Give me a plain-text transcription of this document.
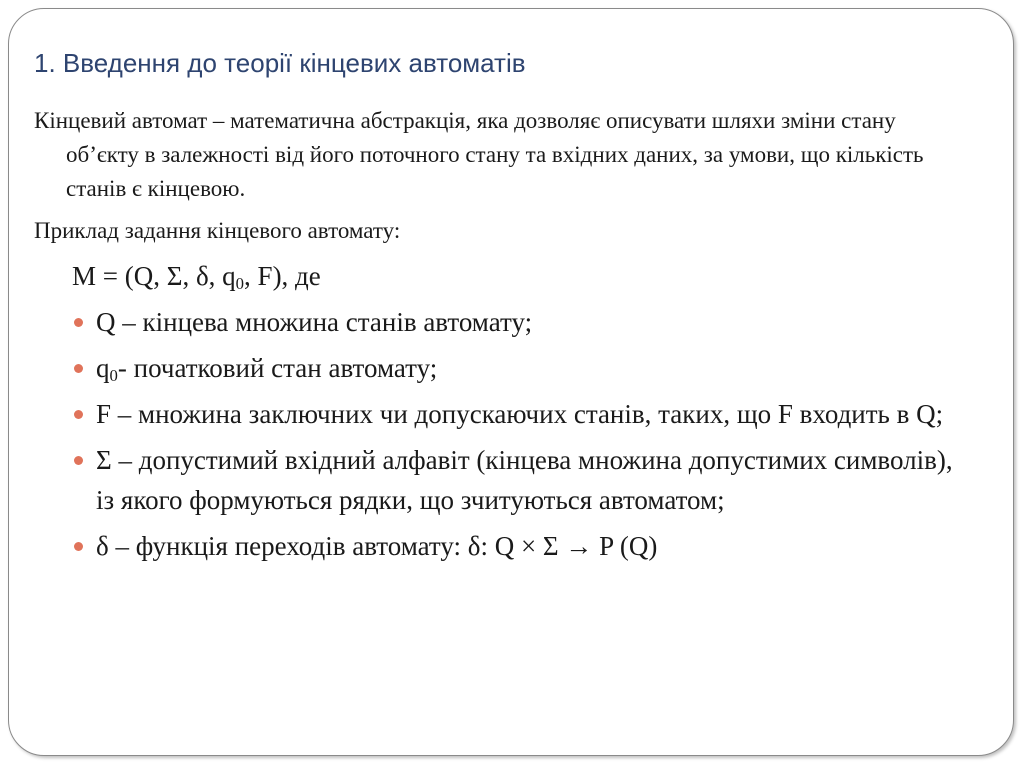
1. Введення до теорії кінцевих автоматів

Кінцевий автомат – математична абстракція, яка дозволяє описувати шляхи зміни стану об’єкту в залежності від його поточного стану та вхідних даних, за умови, що кількість станів є кінцевою.

Приклад задання кінцевого автомату:
M = (Q, Σ, δ, $q_0$, F), де
Q – кінцева множина станів автомату;
$q_0-$ початковий стан автомату;
F – множина заключних чи допускаючих станів, таких, що F входить в Q;
Σ – допустимий вхідний алфавіт (кінцева множина допустимих символів), із якого формуються рядки, що зчитуються автоматом;
δ – функція переходів автомату: δ: Q × Σ → P (Q)
